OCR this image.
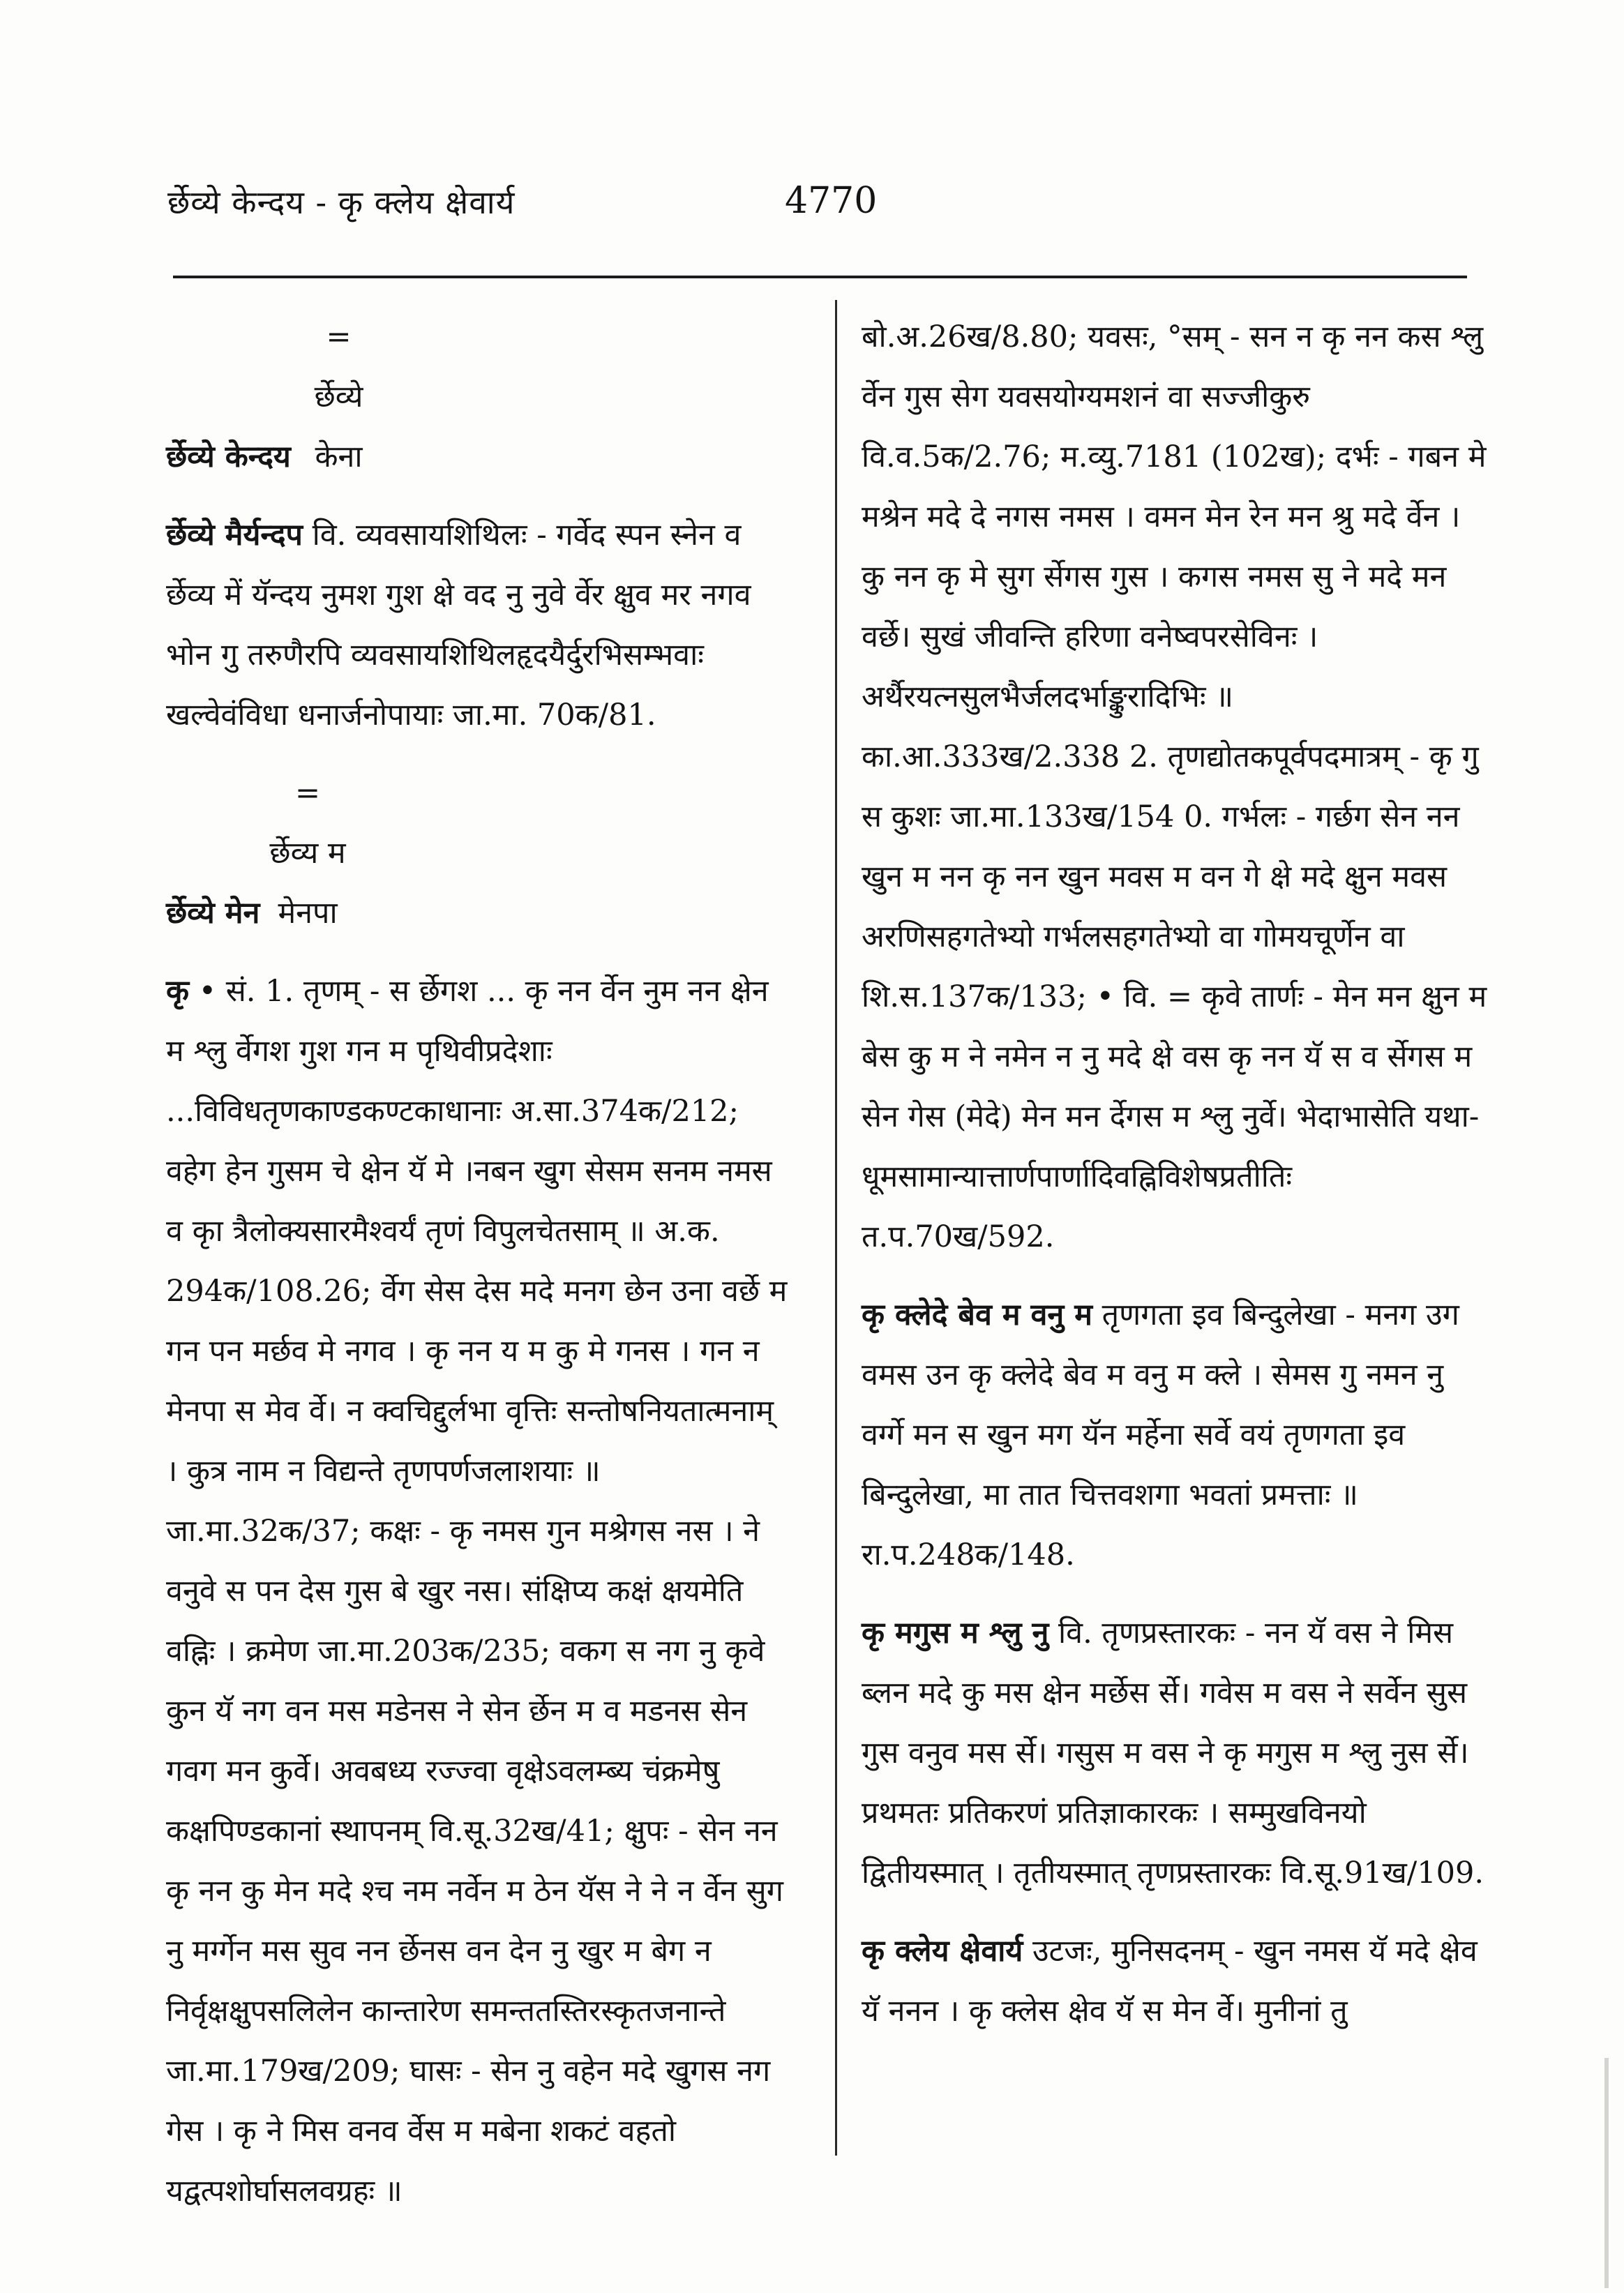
र्छेव्ये केन्दय - कृ क्लेय क्षेवार्य	4770
र्छेव्ये केन्दय = र्छेव्ये केना
र्छेव्ये मैर्यन्दप वि. व्यवसायशिथिलः - गर्वेद स्पन स्नेन व र्छेव्य में यॅन्दय नुमश गुश क्षे वद नु नुवे र्वेर क्षुव मर नगव भोन गु तरुणैरपि व्यवसायशिथिलहृदयैर्दुरभिसम्भवाः खल्वेवंविधा धनार्जनोपायाः जा.मा. 70क/81.
र्छेव्ये मेन = र्छेव्य म मेनपा
कृ • सं. 1. तृणम् - स र्छेगश ... कृ नन र्वेन नुम नन क्षेन म श्लु र्वेगश गुश गन म पृथिवीप्रदेशाः ...विविधतृणकाण्डकण्टकाधानाः अ.सा.374क/212; वहेग हेन गुसम चे क्षेन यॅ मे ।नबन खुग सेसम सनम नमस व कृा त्रैलोक्यसारमैश्वर्यं तृणं विपुलचेतसाम् ॥ अ.क. 294क/108.26; र्वेग सेस देस मदे मनग छेन उना वर्छे म गन पन मर्छव मे नगव । कृ नन य म कु मे गनस । गन न मेनपा स मेव र्वे। न क्वचिद्दुर्लभा वृत्तिः सन्तोषनियतात्मनाम् । कुत्र नाम न विद्यन्ते तृणपर्णजलाशयाः ॥ जा.मा.32क/37; कक्षः - कृ नमस गुन मश्रेगस नस । ने वनुवे स पन देस गुस बे खुर नस। संक्षिप्य कक्षं क्षयमेति वह्निः । क्रमेण जा.मा.203क/235; वकग स नग नु कृवे कुन यॅ नग वन मस मडेनस ने सेन र्छेन म व मडनस सेन गवग मन कुर्वे। अवबध्य रज्ज्वा वृक्षेऽवलम्ब्य चंक्रमेषु कक्षपिण्डकानां स्थापनम् वि.सू.32ख/41; क्षुपः - सेन नन कृ नन कु मेन मदे श्च नम नर्वेन म ठेन यॅस ने ने न र्वेन सुग नु मर्ग्गेन मस सुव नन र्छेनस वन देन नु खुर म बेग न निर्वृक्षक्षुपसलिलेन कान्तारेण समन्ततस्तिरस्कृतजनान्ते जा.मा.179ख/209; घासः - सेन नु वहेन मदे खुगस नग गेस । कृ ने मिस वनव र्वेस म मबेना शकटं वहतो यद्वत्पशोर्घासलवग्रहः ॥
बो.अ.26ख/8.80; यवसः, °सम् - सन न कृ नन कस श्लु र्वेन गुस सेग यवसयोग्यमशनं वा सज्जीकुरु वि.व.5क/2.76; म.व्यु.7181 (102ख); दर्भः - गबन मे मश्रेन मदे दे नगस नमस । वमन मेन रेन मन श्रु मदे र्वेन । कु नन कृ मे सुग र्सेगस गुस । कगस नमस सु ने मदे मन वर्छे। सुखं जीवन्ति हरिणा वनेष्वपरसेविनः । अर्थैरयत्नसुलभैर्जलदर्भाङ्कुरादिभिः ॥ का.आ.333ख/2.338 2. तृणद्योतकपूर्वपदमात्रम् - कृ गु स कुशः जा.मा.133ख/154 0. गर्भलः - गर्छग सेन नन खुन म नन कृ नन खुन मवस म वन गे क्षे मदे क्षुन मवस अरणिसहगतेभ्यो गर्भलसहगतेभ्यो वा गोमयचूर्णेन वा शि.स.137क/133; • वि. = कृवे तार्णः - मेन मन क्षुन म बेस कु म ने नमेन न नु मदे क्षे वस कृ नन यॅ स व र्सेगस म सेन गेस (मेदे) मेन मन र्देगस म श्लु नुर्वे। भेदाभासेति यथा-धूमसामान्यात्तार्णपार्णादिवह्निविशेषप्रतीतिः त.प.70ख/592.
कृ क्लेदे बेव म वनु म तृणगता इव बिन्दुलेखा - मनग उग वमस उन कृ क्लेदे बेव म वनु म क्ले । सेमस गु नमन नु वर्ग्गे मन स खुन मग यॅन मर्हेना सर्वे वयं तृणगता इव बिन्दुलेखा, मा तात चित्तवशगा भवतां प्रमत्ताः ॥ रा.प.248क/148.
कृ मगुस म श्लु नु वि. तृणप्रस्तारकः - नन यॅ वस ने मिस ब्लन मदे कु मस क्षेन मर्छेस र्से। गवेस म वस ने सर्वेन सुस गुस वनुव मस र्से। गसुस म वस ने कृ मगुस म श्लु नुस र्से। प्रथमतः प्रतिकरणं प्रतिज्ञाकारकः । सम्मुखविनयो द्वितीयस्मात् । तृतीयस्मात् तृणप्रस्तारकः वि.सू.91ख/109.
कृ क्लेय क्षेवार्य उटजः, मुनिसदनम् - खुन नमस यॅ मदे क्षेव यॅ ननन । कृ क्लेस क्षेव यॅ स मेन र्वे। मुनीनां तु
